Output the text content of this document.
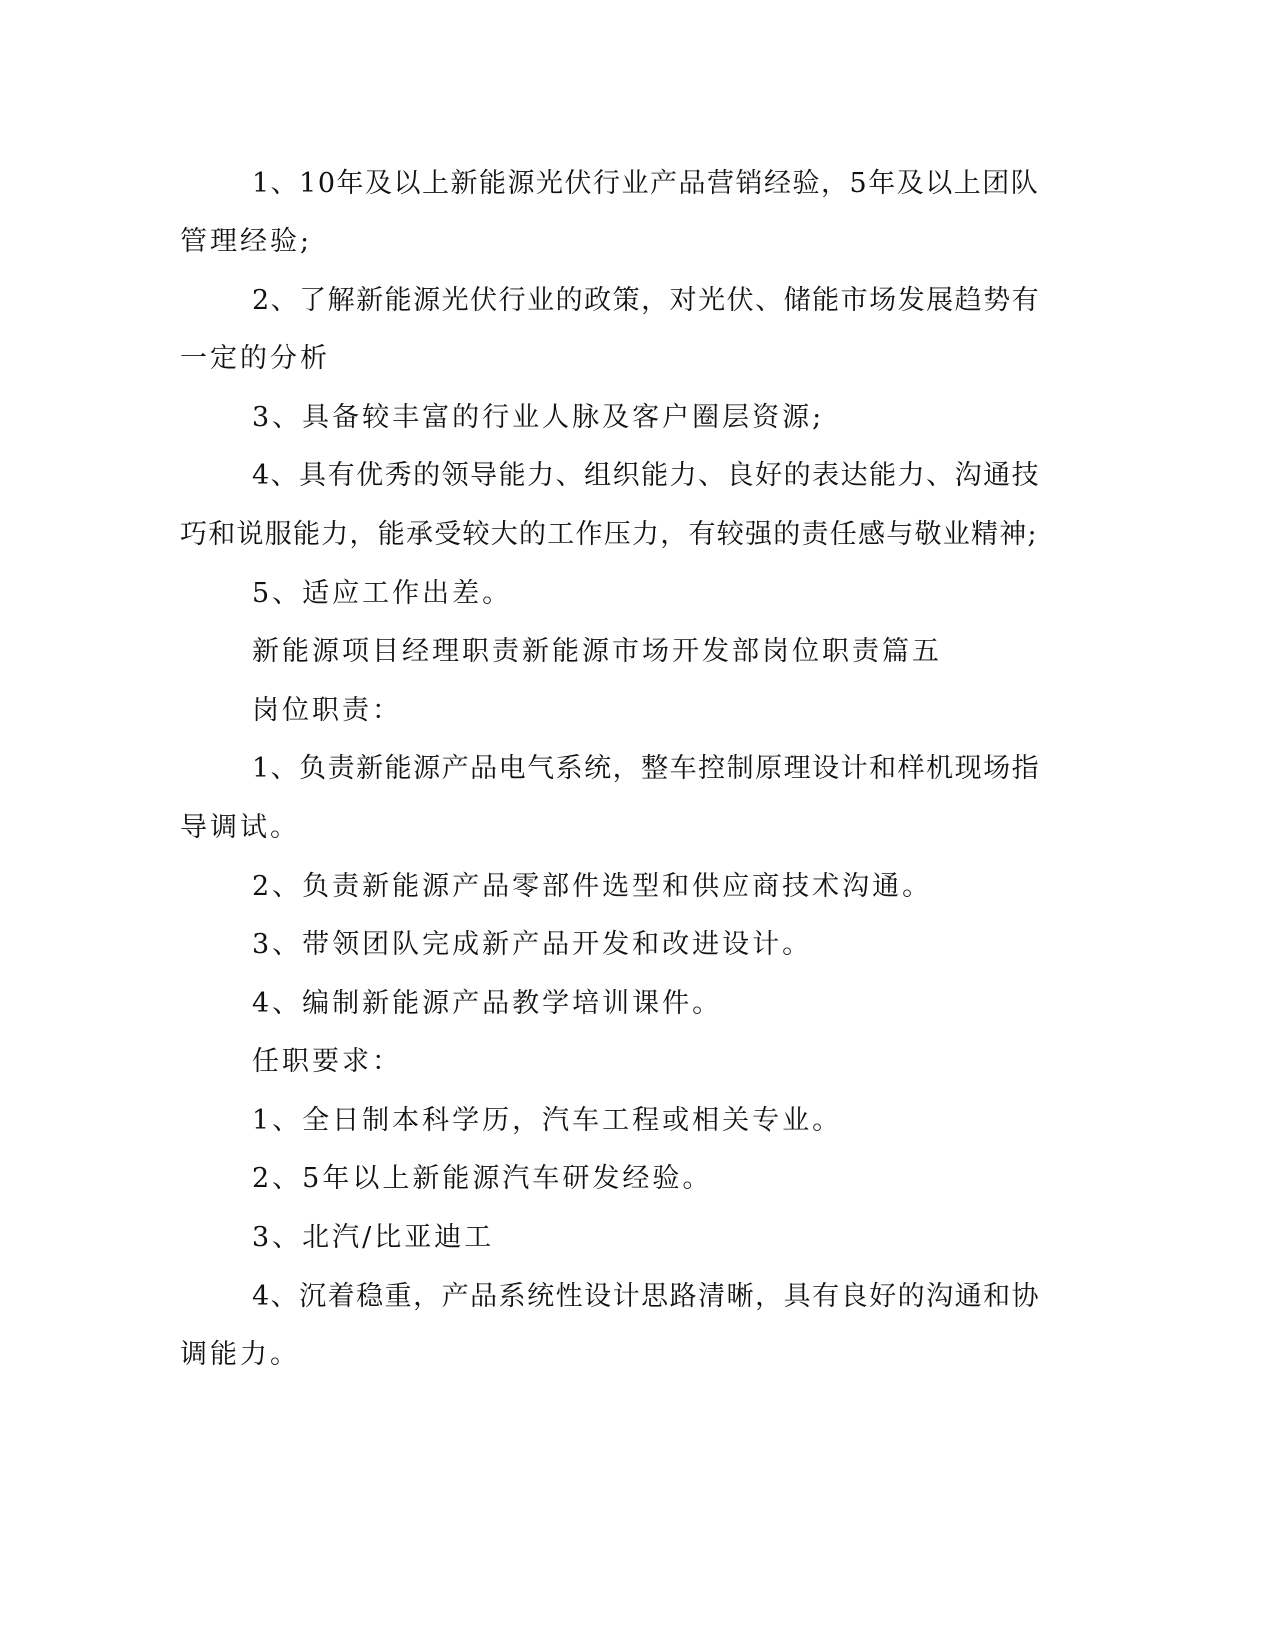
1、10年及以上新能源光伏行业产品营销经验，5年及以上团队

管理经验;

2、了解新能源光伏行业的政策，对光伏、储能市场发展趋势有

一定的分析

3、具备较丰富的行业人脉及客户圈层资源;

4、具有优秀的领导能力、组织能力、良好的表达能力、沟通技

巧和说服能力，能承受较大的工作压力，有较强的责任感与敬业精神;

5、适应工作出差。

新能源项目经理职责新能源市场开发部岗位职责篇五

岗位职责：

1、负责新能源产品电气系统，整车控制原理设计和样机现场指

导调试。

2、负责新能源产品零部件选型和供应商技术沟通。

3、带领团队完成新产品开发和改进设计。

4、编制新能源产品教学培训课件。

任职要求：

1、全日制本科学历，汽车工程或相关专业。

2、5年以上新能源汽车研发经验。

3、北汽/比亚迪工

4、沉着稳重，产品系统性设计思路清晰，具有良好的沟通和协

调能力。
